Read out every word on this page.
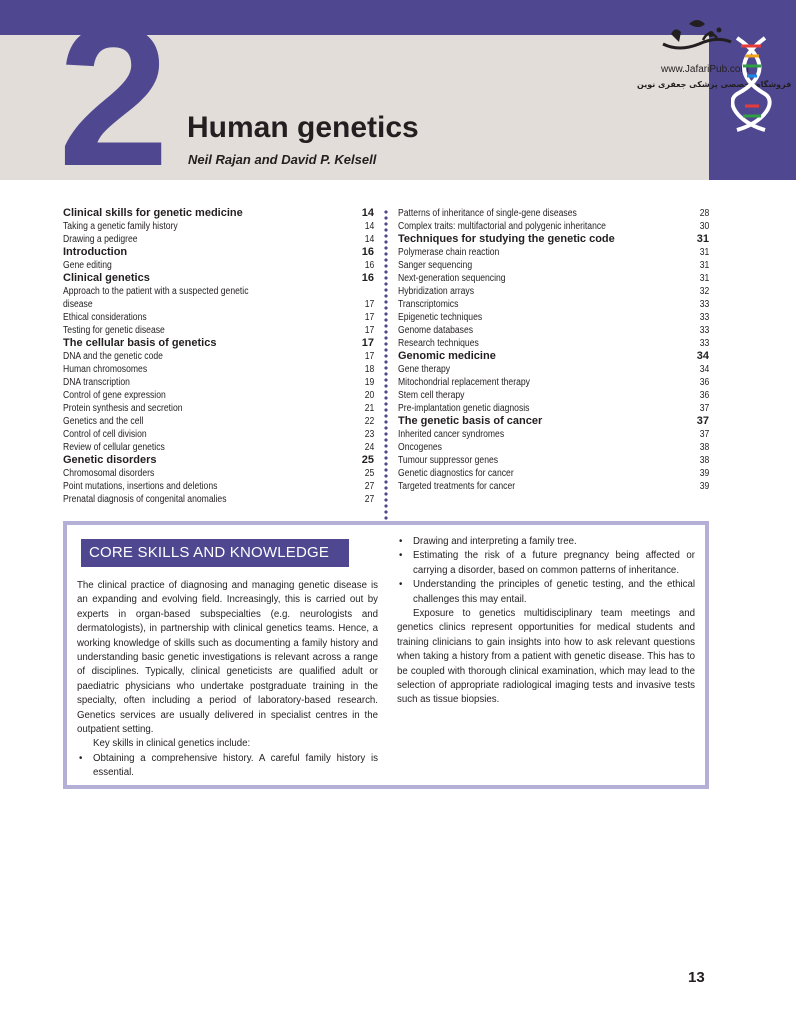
2 Human genetics
Neil Rajan and David P. Kelsell
www.JafariPub.com
فروشگاه تخصصی پزشکی جعفری نوین
Clinical skills for genetic medicine	14
Taking a genetic family history	14
Drawing a pedigree	14
Introduction	16
Gene editing	16
Clinical genetics	16
Approach to the patient with a suspected genetic
disease	17
Ethical considerations	17
Testing for genetic disease	17
The cellular basis of genetics	17
DNA and the genetic code	17
Human chromosomes	18
DNA transcription	19
Control of gene expression	20
Protein synthesis and secretion	21
Genetics and the cell	22
Control of cell division	23
Review of cellular genetics	24
Genetic disorders	25
Chromosomal disorders	25
Point mutations, insertions and deletions	27
Prenatal diagnosis of congenital anomalies	27
Patterns of inheritance of single-gene diseases	28
Complex traits: multifactorial and polygenic inheritance	30
Techniques for studying the genetic code	31
Polymerase chain reaction	31
Sanger sequencing	31
Next-generation sequencing	31
Hybridization arrays	32
Transcriptomics	33
Epigenetic techniques	33
Genome databases	33
Research techniques	33
Genomic medicine	34
Gene therapy	34
Mitochondrial replacement therapy	36
Stem cell therapy	36
Pre-implantation genetic diagnosis	37
The genetic basis of cancer	37
Inherited cancer syndromes	37
Oncogenes	38
Tumour suppressor genes	38
Genetic diagnostics for cancer	39
Targeted treatments for cancer	39
CORE SKILLS AND KNOWLEDGE

The clinical practice of diagnosing and managing genetic disease is an expanding and evolving field. Increasingly, this is carried out by experts in organ-based subspecialties (e.g. neurologists and dermatologists), in partnership with clinical genetics teams. Hence, a working knowledge of skills such as documenting a family history and understanding basic genetic investigations is relevant across a range of disciplines. Typically, clinical geneticists are qualified adult or paediatric physicians who undertake postgraduate training in the specialty, often including a period of laboratory-based research. Genetics services are usually delivered in specialist centres in the outpatient setting.

Key skills in clinical genetics include:

• Obtaining a comprehensive history. A careful family history is essential.
• Drawing and interpreting a family tree.
• Estimating the risk of a future pregnancy being affected or carrying a disorder, based on common patterns of inheritance.
• Understanding the principles of genetic testing, and the ethical challenges this may entail.

Exposure to genetics multidisciplinary team meetings and genetics clinics represent opportunities for medical students and training clinicians to gain insights into how to ask relevant questions when taking a history from a patient with genetic disease. This has to be coupled with thorough clinical examination, which may lead to the selection of appropriate radiological imaging tests and invasive tests such as tissue biopsies.

13
